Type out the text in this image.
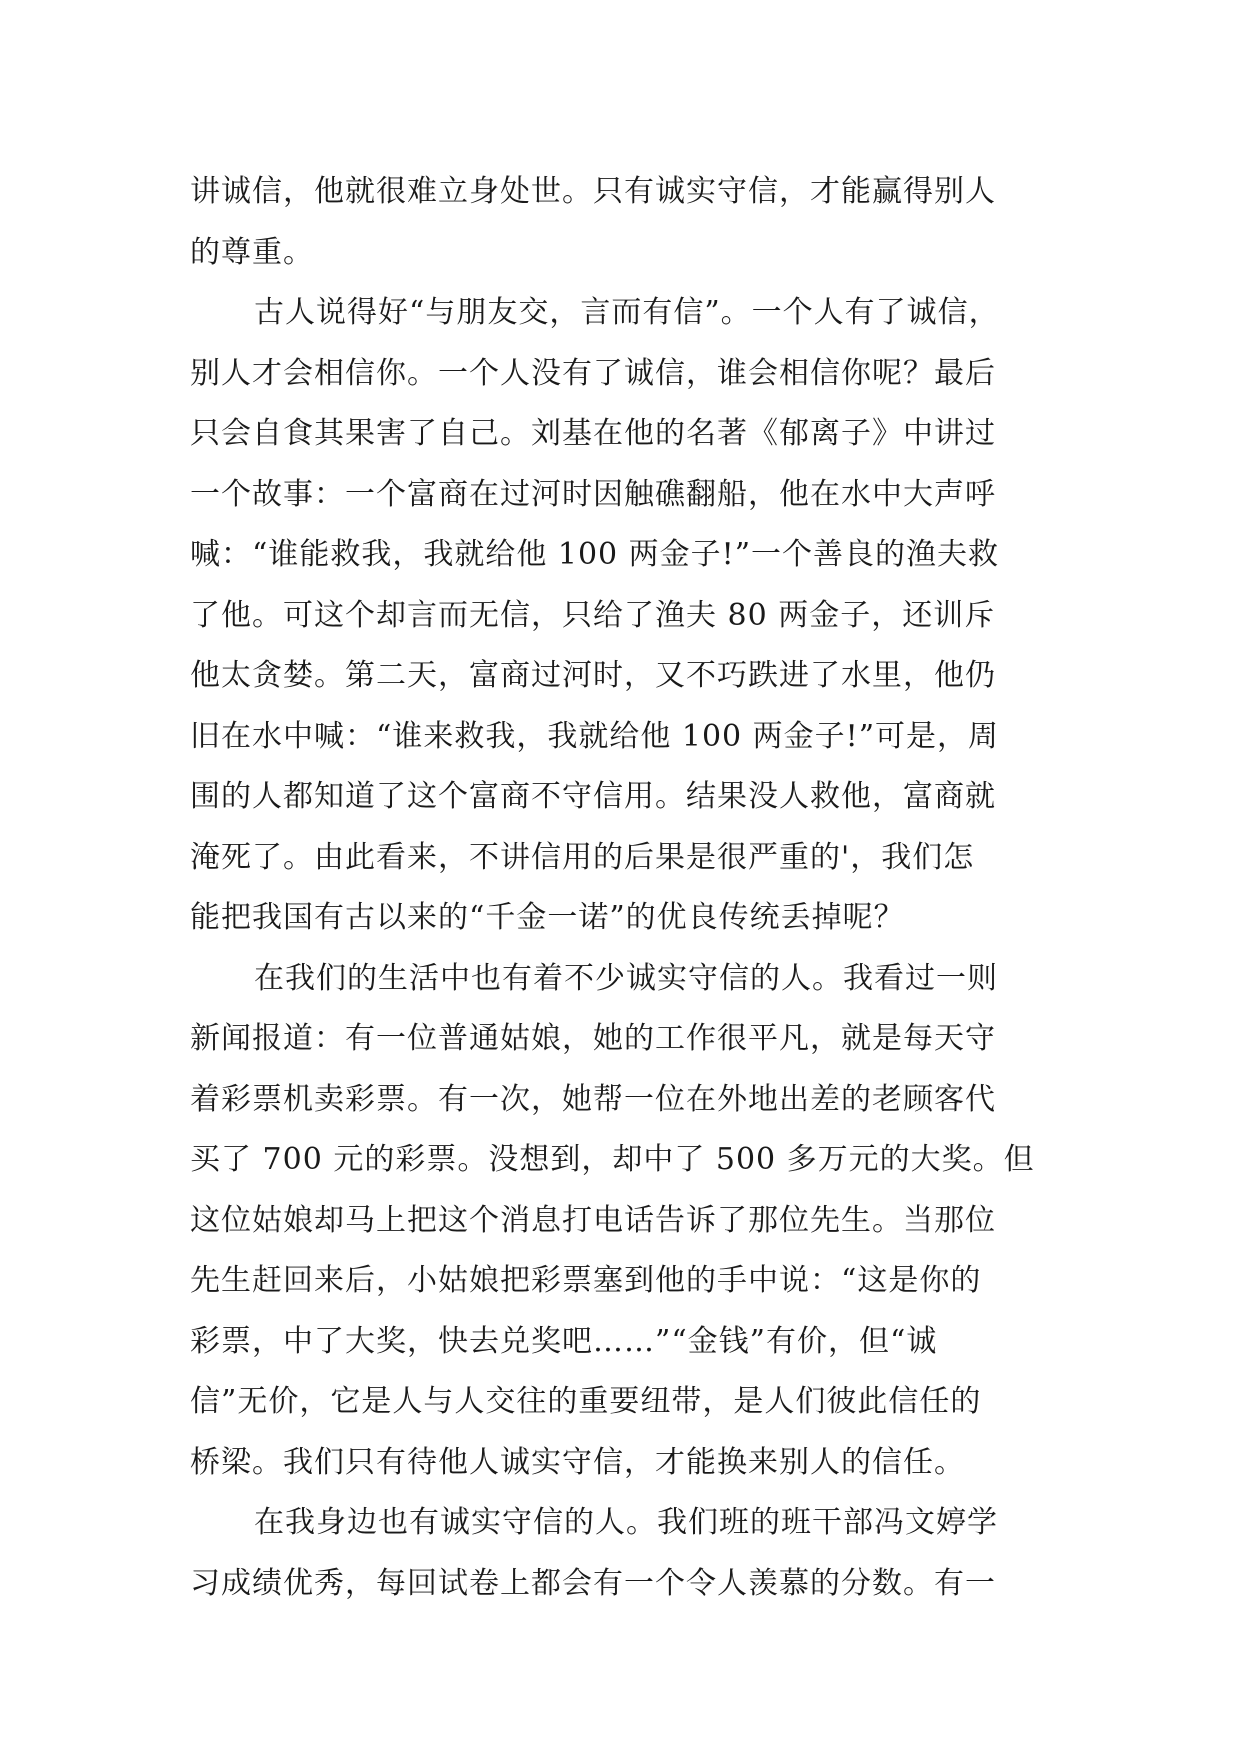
讲诚信，他就很难立身处世。只有诚实守信，才能赢得别人
的尊重。
古人说得好“与朋友交，言而有信”。一个人有了诚信，
别人才会相信你。一个人没有了诚信，谁会相信你呢？最后
只会自食其果害了自己。刘基在他的名著《郁离子》中讲过
一个故事：一个富商在过河时因触礁翻船，他在水中大声呼
喊：“谁能救我，我就给他 100 两金子!”一个善良的渔夫救
了他。可这个却言而无信，只给了渔夫 80 两金子，还训斥
他太贪婪。第二天，富商过河时，又不巧跌进了水里，他仍
旧在水中喊：“谁来救我，我就给他 100 两金子!”可是，周
围的人都知道了这个富商不守信用。结果没人救他，富商就
淹死了。由此看来，不讲信用的后果是很严重的'，我们怎
能把我国有古以来的“千金一诺”的优良传统丢掉呢？
在我们的生活中也有着不少诚实守信的人。我看过一则
新闻报道：有一位普通姑娘，她的工作很平凡，就是每天守
着彩票机卖彩票。有一次，她帮一位在外地出差的老顾客代
买了 700 元的彩票。没想到，却中了 500 多万元的大奖。但
这位姑娘却马上把这个消息打电话告诉了那位先生。当那位
先生赶回来后，小姑娘把彩票塞到他的手中说：“这是你的
彩票，中了大奖，快去兑奖吧……”“金钱”有价，但“诚
信”无价，它是人与人交往的重要纽带，是人们彼此信任的
桥梁。我们只有待他人诚实守信，才能换来别人的信任。
在我身边也有诚实守信的人。我们班的班干部冯文婷学
习成绩优秀，每回试卷上都会有一个令人羡慕的分数。有一
